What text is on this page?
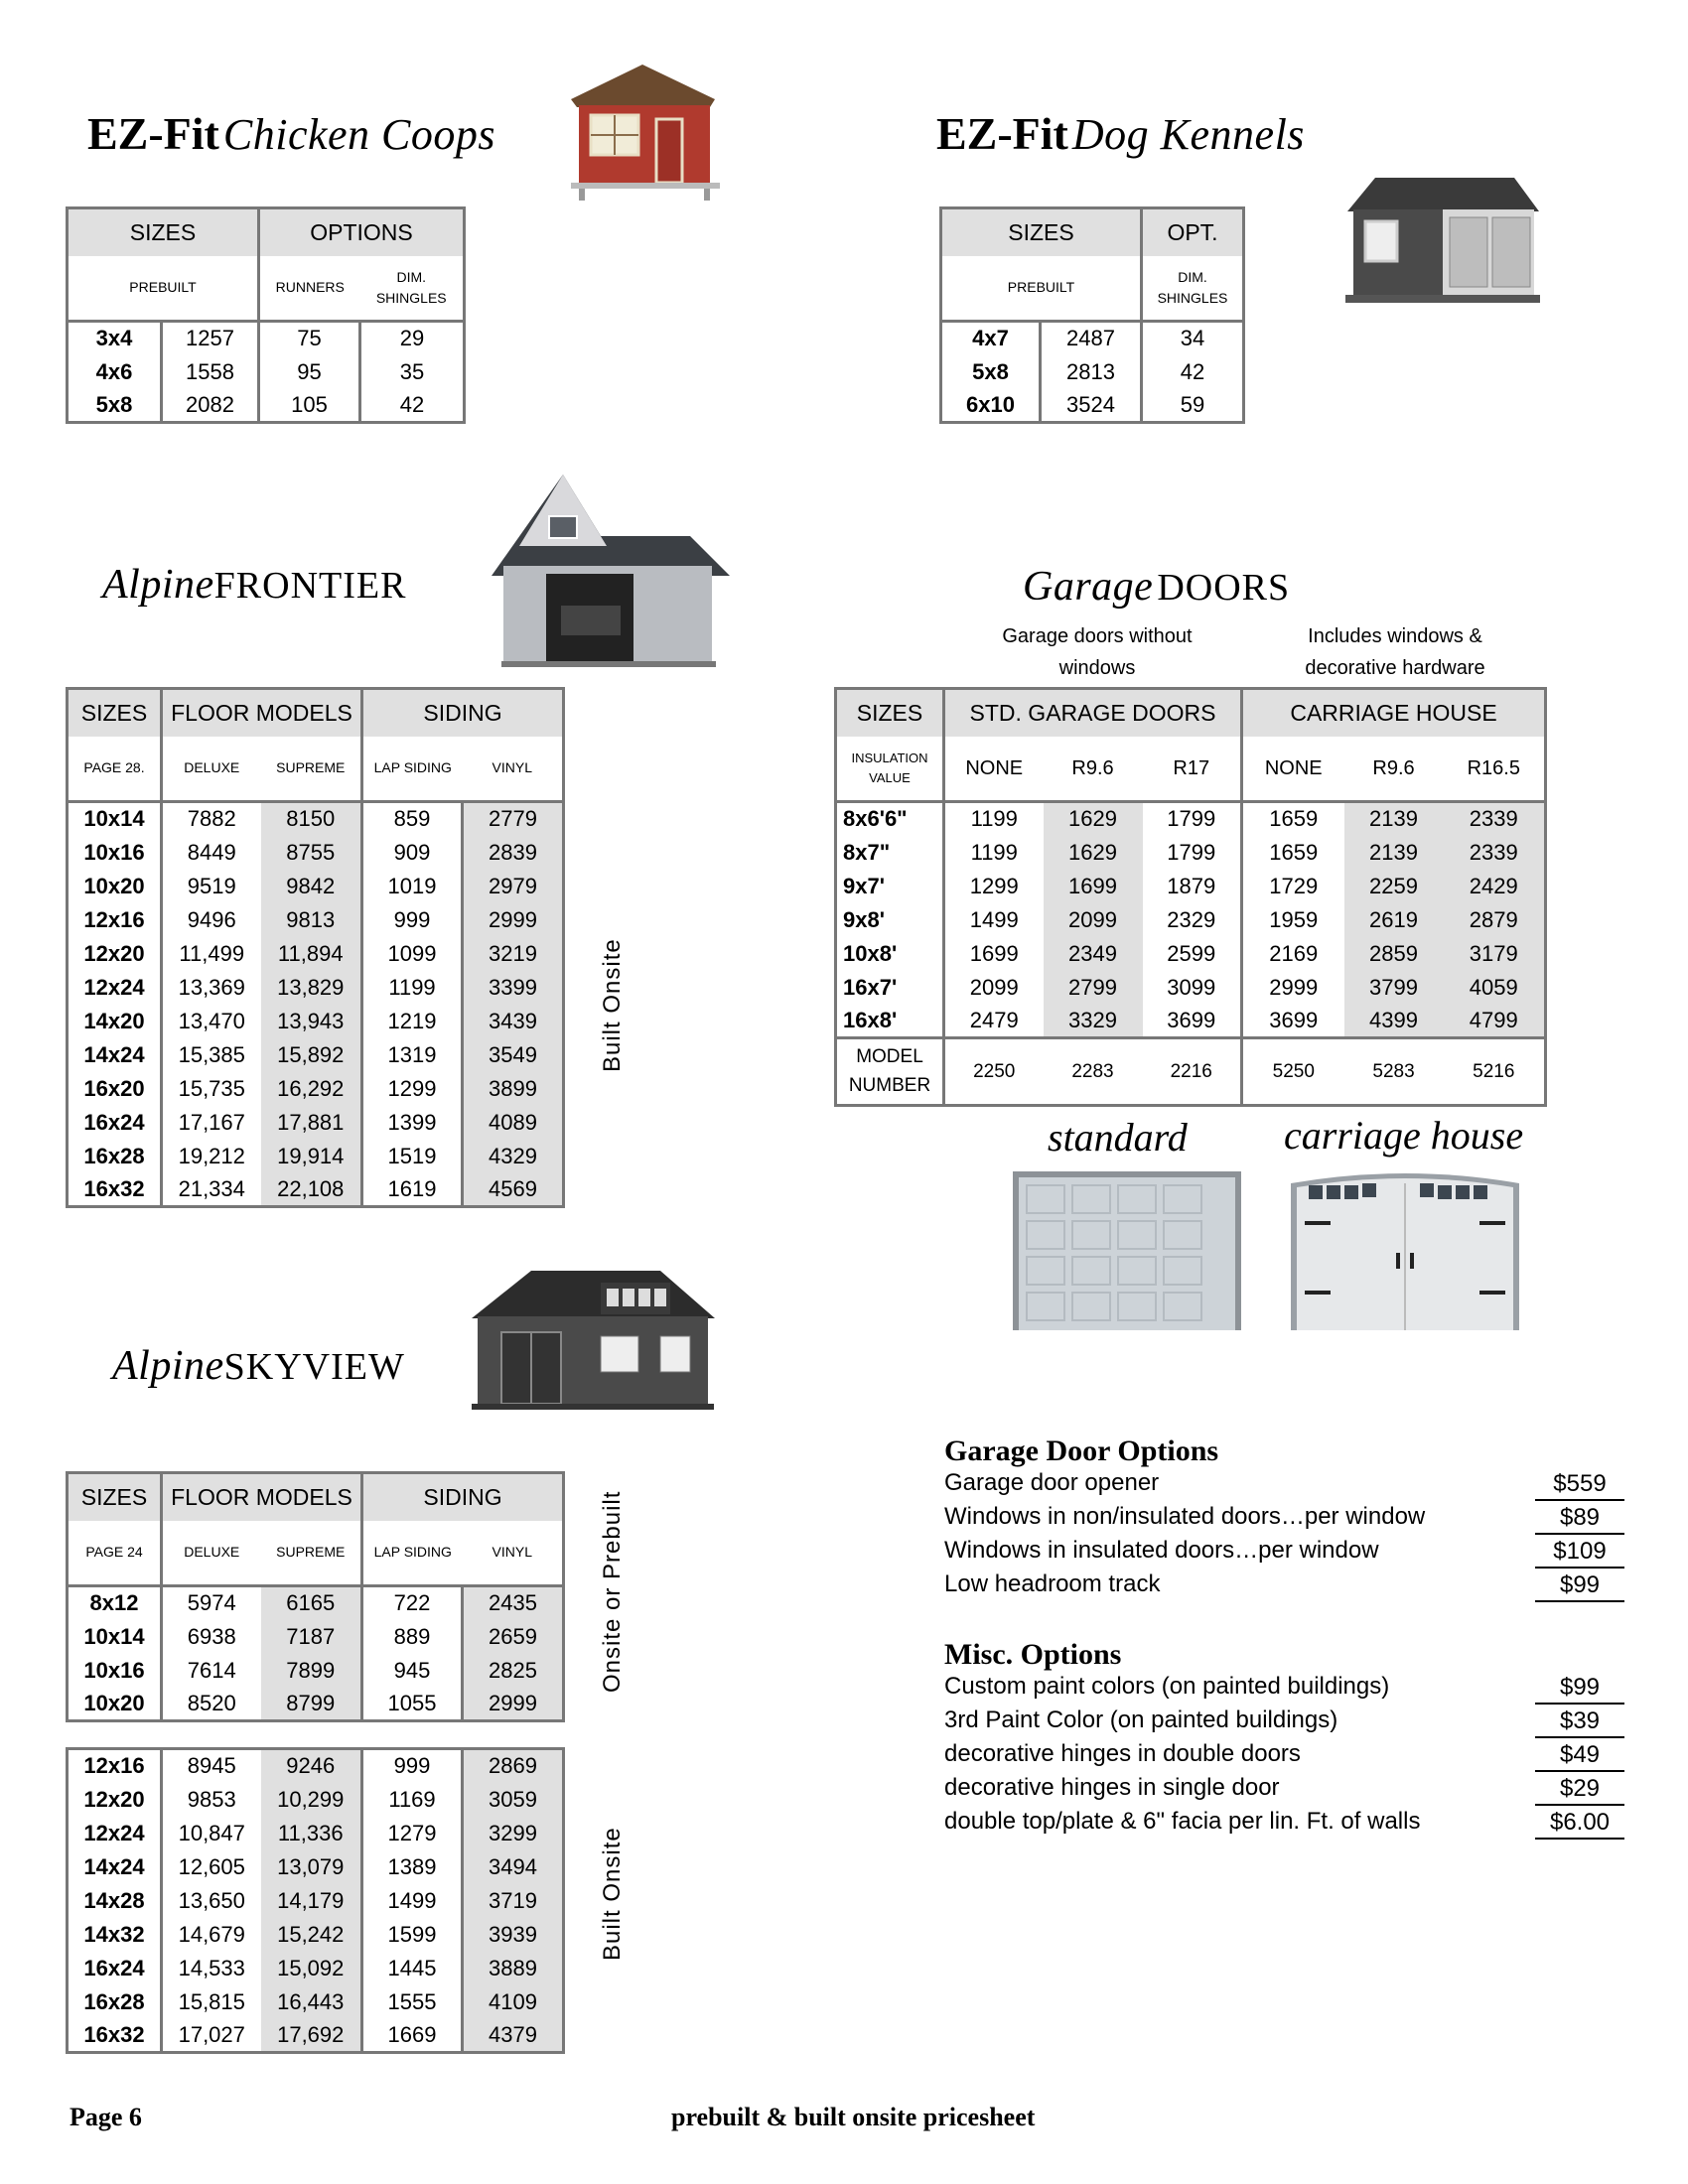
EZ-Fit Chicken Coops	EZ-Fit Dog Kennels
AlpineFRONTIER	Garage DOORS
AlpineSKYVIEW
SIZES		OPTIONS	
PREBUILT		RUNNERS	DIM.
SHINGLES
3x4	1257	75	29
4x6	1558	95	35
5x8	2082	105	42
SIZES		OPT.
PREBUILT		DIM.
SHINGLES
4x7	2487	34
5x8	2813	42
6x10	3524	59
SIZES	FLOOR MODELS		SIDING	
PAGE 28.	DELUXE	SUPREME	LAP SIDING	VINYL
10x14	7882	8150	859	2779
10x16	8449	8755	909	2839
10x20	9519	9842	1019	2979
12x16	9496	9813	999	2999
12x20	11,499	11,894	1099	3219
12x24	13,369	13,829	1199	3399
14x20	13,470	13,943	1219	3439
14x24	15,385	15,892	1319	3549
16x20	15,735	16,292	1299	3899
16x24	17,167	17,881	1399	4089
16x28	19,212	19,914	1519	4329
16x32	21,334	22,108	1619	4569
Built Onsite
Garage doors without
windows
Includes windows &
decorative hardware
SIZES	STD. GARAGE DOORS			CARRIAGE HOUSE		
INSULATION
VALUE	NONE	R9.6	R17	NONE	R9.6	R16.5
8x6'6"	1199	1629	1799	1659	2139	2339
8x7"	1199	1629	1799	1659	2139	2339
9x7'	1299	1699	1879	1729	2259	2429
9x8'	1499	2099	2329	1959	2619	2879
10x8'	1699	2349	2599	2169	2859	3179
16x7'	2099	2799	3099	2999	3799	4059
16x8'	2479	3329	3699	3699	4399	4799
MODEL
NUMBER	2250	2283	2216	5250	5283	5216
standard carriage house
SIZES	FLOOR MODELS		SIDING	
PAGE 24	DELUXE	SUPREME	LAP SIDING	VINYL
8x12	5974	6165	722	2435
10x14	6938	7187	889	2659
10x16	7614	7899	945	2825
10x20	8520	8799	1055	2999
Onsite or Prebuilt
12x16	8945	9246	999	2869
12x20	9853	10,299	1169	3059
12x24	10,847	11,336	1279	3299
14x24	12,605	13,079	1389	3494
14x28	13,650	14,179	1499	3719
14x32	14,679	15,242	1599	3939
16x24	14,533	15,092	1445	3889
16x28	15,815	16,443	1555	4109
16x32	17,027	17,692	1669	4379
Built Onsite
Garage Door Options
Garage door opener	$559
Windows in non/insulated doors…per window	$89
Windows in insulated doors…per window	$109
Low headroom track	$99
Misc. Options
Custom paint colors (on painted buildings)	$99
3rd Paint Color (on painted buildings)	$39
decorative hinges in double doors	$49
decorative hinges in single door	$29
double top/plate & 6" facia per lin. Ft. of walls	$6.00
Page 6	prebuilt & built onsite pricesheet
